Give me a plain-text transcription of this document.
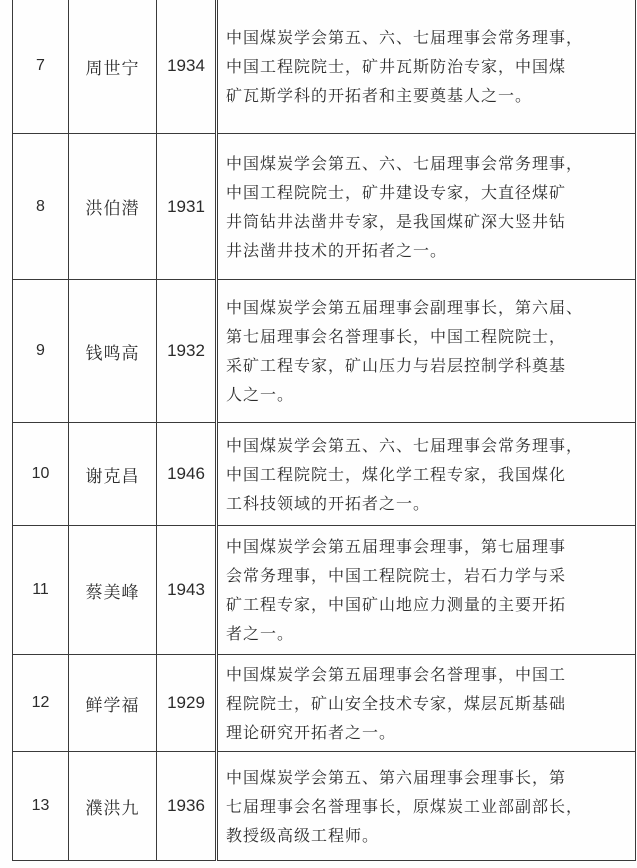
7	周世宁	1934	中国煤炭学会第五、六、七届理事会常务理事，
中国工程院院士，矿井瓦斯防治专家，中国煤
矿瓦斯学科的开拓者和主要奠基人之一。

8	洪伯潜	1931	中国煤炭学会第五、六、七届理事会常务理事，
中国工程院院士，矿井建设专家，大直径煤矿
井筒钻井法凿井专家，是我国煤矿深大竖井钻
井法凿井技术的开拓者之一。

9	钱鸣高	1932	中国煤炭学会第五届理事会副理事长，第六届、
第七届理事会名誉理事长，中国工程院院士，
采矿工程专家，矿山压力与岩层控制学科奠基
人之一。

10	谢克昌	1946	中国煤炭学会第五、六、七届理事会常务理事，
中国工程院院士，煤化学工程专家，我国煤化
工科技领域的开拓者之一。

11	蔡美峰	1943	中国煤炭学会第五届理事会理事，第七届理事
会常务理事，中国工程院院士，岩石力学与采
矿工程专家，中国矿山地应力测量的主要开拓
者之一。

12	鲜学福	1929	中国煤炭学会第五届理事会名誉理事，中国工
程院院士，矿山安全技术专家，煤层瓦斯基础
理论研究开拓者之一。

13	濮洪九	1936	中国煤炭学会第五、第六届理事会理事长，第
七届理事会名誉理事长，原煤炭工业部副部长，
教授级高级工程师。
